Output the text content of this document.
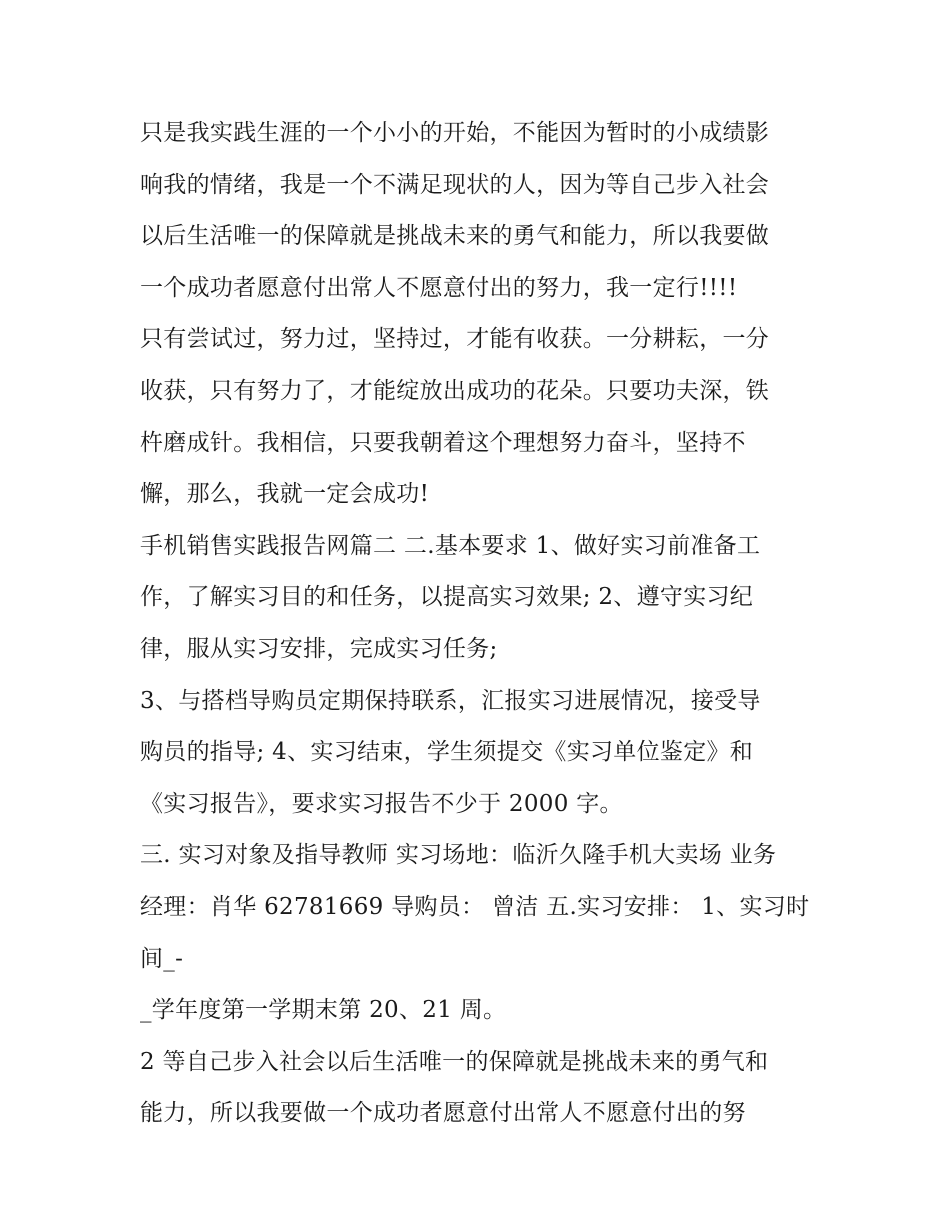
只是我实践生涯的一个小小的开始，不能因为暂时的小成绩影
响我的情绪，我是一个不满足现状的人，因为等自己步入社会
以后生活唯一的保障就是挑战未来的勇气和能力，所以我要做
一个成功者愿意付出常人不愿意付出的努力，我一定行!!!!
只有尝试过，努力过，坚持过，才能有收获。一分耕耘，一分
收获，只有努力了，才能绽放出成功的花朵。只要功夫深，铁
杵磨成针。我相信，只要我朝着这个理想努力奋斗，坚持不
懈，那么，我就一定会成功!
手机销售实践报告网篇二 二.基本要求 1、做好实习前准备工
作，了解实习目的和任务，以提高实习效果; 2、遵守实习纪
律，服从实习安排，完成实习任务;
3、与搭档导购员定期保持联系，汇报实习进展情况，接受导
购员的指导; 4、实习结束，学生须提交《实习单位鉴定》和
《实习报告》，要求实习报告不少于 2000 字。
三. 实习对象及指导教师 实习场地：临沂久隆手机大卖场 业务
经理：肖华 62781669 导购员： 曾洁 五.实习安排： 1、实习时
间_-
_学年度第一学期末第 20、21 周。
2 等自己步入社会以后生活唯一的保障就是挑战未来的勇气和
能力，所以我要做一个成功者愿意付出常人不愿意付出的努
